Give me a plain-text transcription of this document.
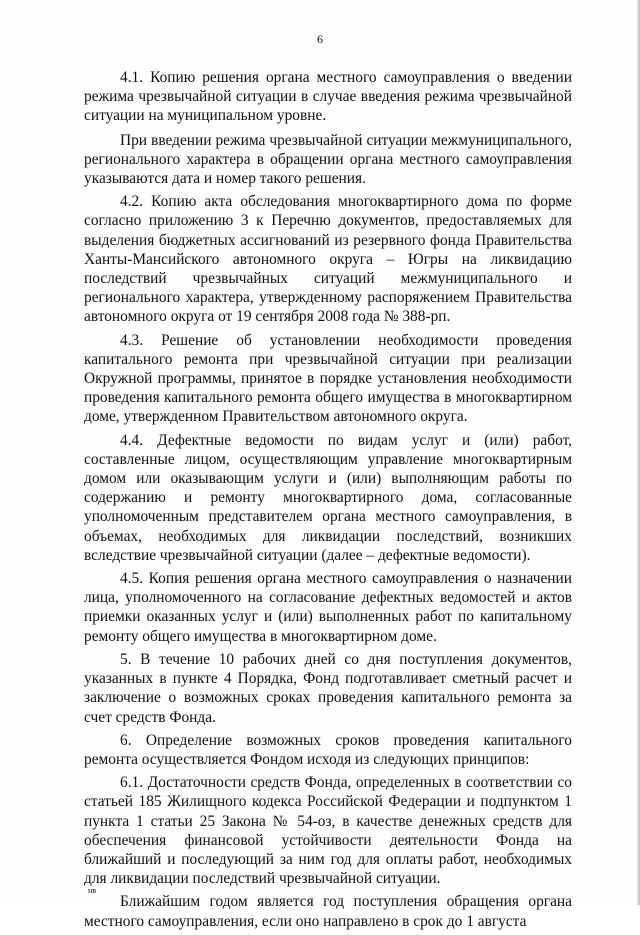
6

4.1. Копию решения органа местного самоуправления о введении режима чрезвычайной ситуации в случае введения режима чрезвычайной ситуации на муниципальном уровне.

При введении режима чрезвычайной ситуации межмуниципального, регионального характера в обращении органа местного самоуправления указываются дата и номер такого решения.

4.2. Копию акта обследования многоквартирного дома по форме согласно приложению 3 к Перечню документов, предоставляемых для выделения бюджетных ассигнований из резервного фонда Правительства Ханты-Мансийского автономного округа – Югры на ликвидацию последствий чрезвычайных ситуаций межмуниципального и регионального характера, утвержденному распоряжением Правительства автономного округа от 19 сентября 2008 года № 388-рп.

4.3. Решение об установлении необходимости проведения капитального ремонта при чрезвычайной ситуации при реализации Окружной программы, принятое в порядке установления необходимости проведения капитального ремонта общего имущества в многоквартирном доме, утвержденном Правительством автономного округа.

4.4. Дефектные ведомости по видам услуг и (или) работ, составленные лицом, осуществляющим управление многоквартирным домом или оказывающим услуги и (или) выполняющим работы по содержанию и ремонту многоквартирного дома, согласованные уполномоченным представителем органа местного самоуправления, в объемах, необходимых для ликвидации последствий, возникших вследствие чрезвычайной ситуации (далее – дефектные ведомости).

4.5. Копия решения органа местного самоуправления о назначении лица, уполномоченного на согласование дефектных ведомостей и актов приемки оказанных услуг и (или) выполненных работ по капитальному ремонту общего имущества в многоквартирном доме.

5. В течение 10 рабочих дней со дня поступления документов, указанных в пункте 4 Порядка, Фонд подготавливает сметный расчет и заключение о возможных сроках проведения капитального ремонта за счет средств Фонда.

6. Определение возможных сроков проведения капитального ремонта осуществляется Фондом исходя из следующих принципов:

6.1. Достаточности средств Фонда, определенных в соответствии со статьей 185 Жилищного кодекса Российской Федерации и подпунктом 1 пункта 1 статьи 25 Закона № 54-оз, в качестве денежных средств для обеспечения финансовой устойчивости деятельности Фонда на ближайший и последующий за ним год для оплаты работ, необходимых для ликвидации последствий чрезвычайной ситуации.

Ближайшим годом является год поступления обращения органа местного самоуправления, если оно направлено в срок до 1 августа

нв
